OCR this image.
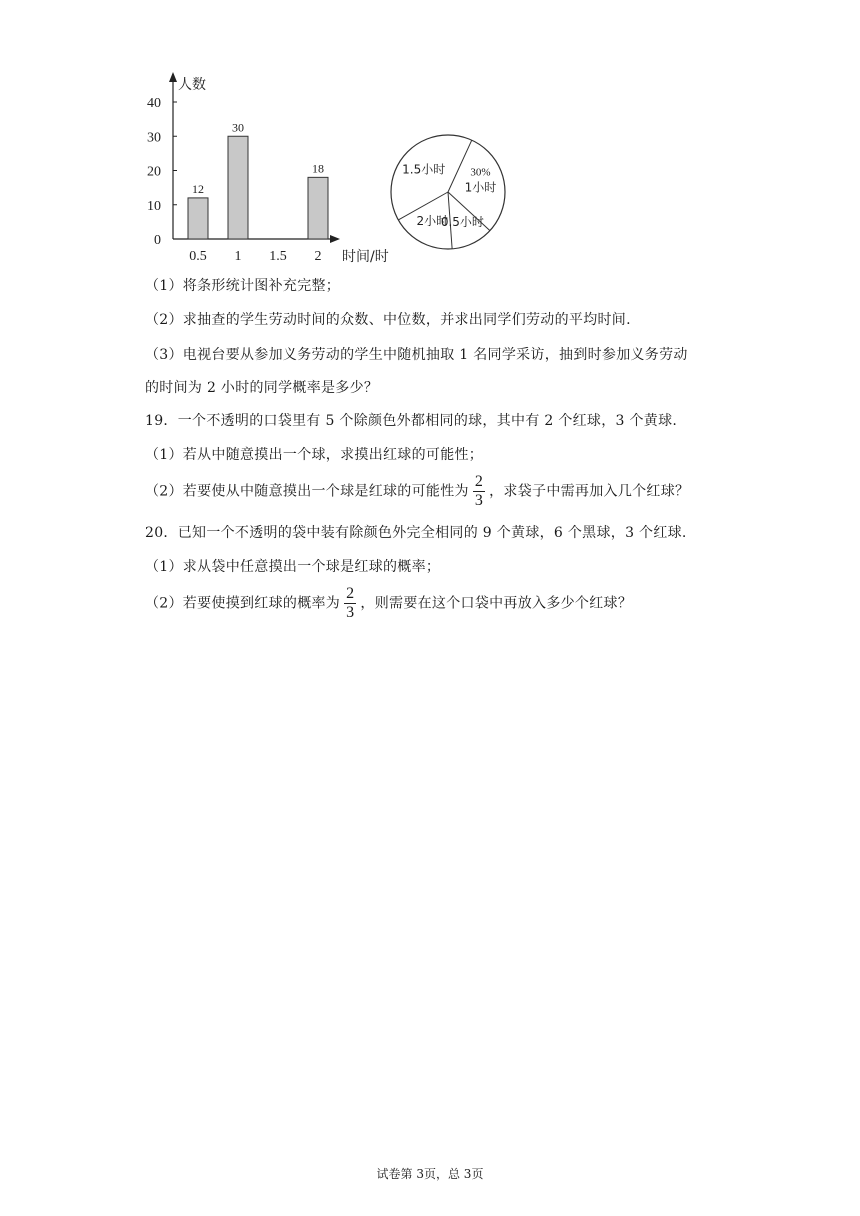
0
10
20
30
40
人数
时间/时
0.5
12
1
30
1.5 2
18	30%
1小时
0.5小时
2小时
1.5小时
（1）将条形统计图补充完整；
（2）求抽查的学生劳动时间的众数、中位数，并求出同学们劳动的平均时间.
（3）电视台要从参加义务劳动的学生中随机抽取 1 名同学采访，抽到时参加义务劳动
的时间为 2 小时的同学概率是多少？
19．一个不透明的口袋里有 5 个除颜色外都相同的球，其中有 2 个红球，3 个黄球.
（1）若从中随意摸出一个球，求摸出红球的可能性；
（2）若要使从中随意摸出一个球是红球的可能性为 $\frac{2}{3}$ ，求袋子中需再加入几个红球？
20．已知一个不透明的袋中装有除颜色外完全相同的 9 个黄球，6 个黑球，3 个红球.
（1）求从袋中任意摸出一个球是红球的概率；
（2）若要使摸到红球的概率为 $\frac{2}{3}$ ，则需要在这个口袋中再放入多少个红球？
试卷第 3页，总 3页
